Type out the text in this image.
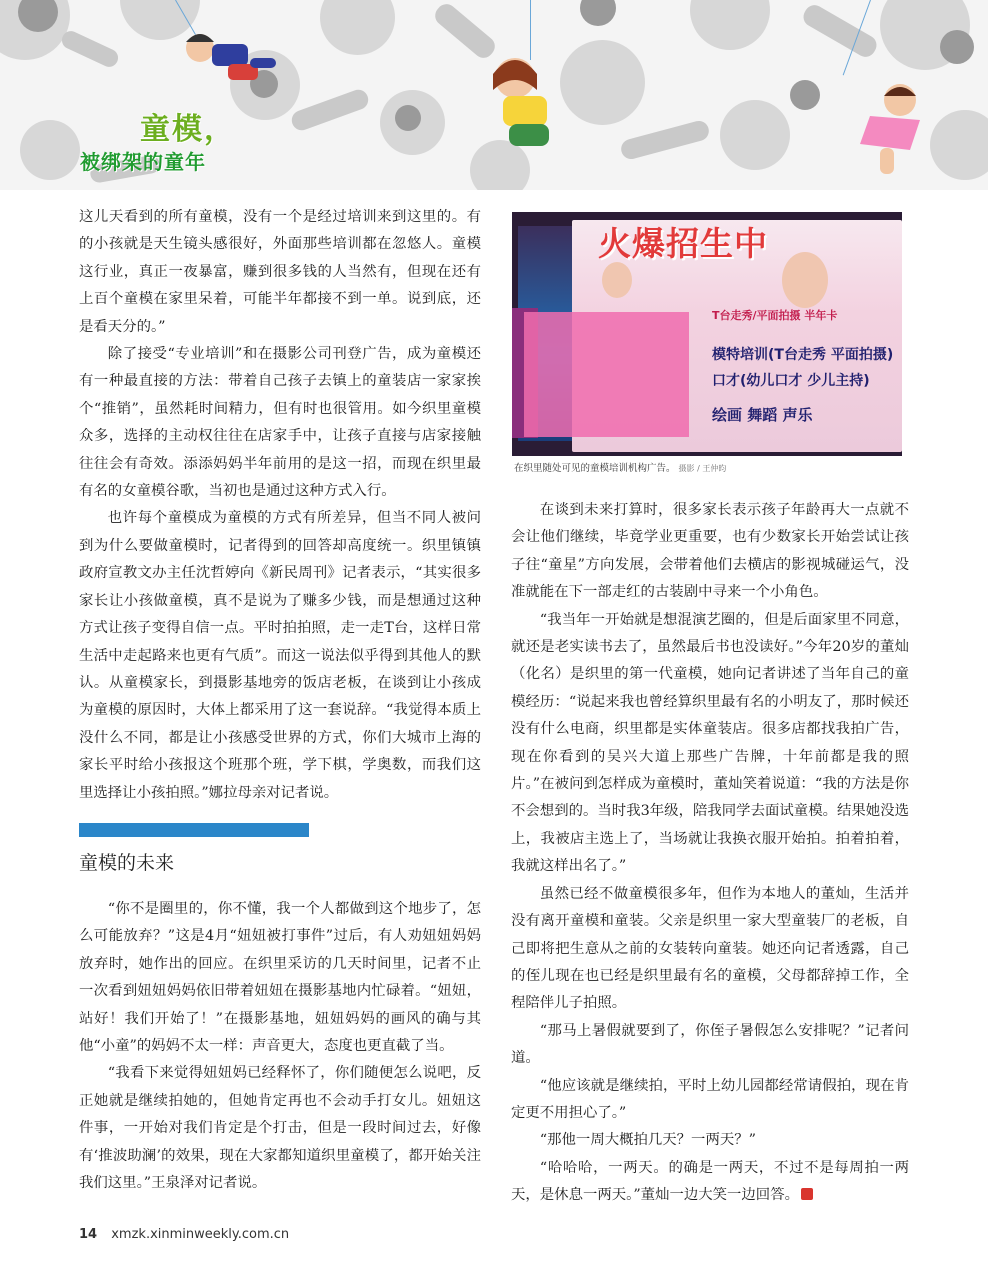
童模，
被绑架的童年

这儿天看到的所有童模，没有一个是经过培训来到这里的。有的小孩就是天生镜头感很好，外面那些培训都在忽悠人。童模这行业，真正一夜暴富，赚到很多钱的人当然有，但现在还有上百个童模在家里呆着，可能半年都接不到一单。说到底，还是看天分的。”

除了接受“专业培训”和在摄影公司刊登广告，成为童模还有一种最直接的方法：带着自己孩子去镇上的童装店一家家挨个“推销”，虽然耗时间精力，但有时也很管用。如今织里童模众多，选择的主动权往往在店家手中，让孩子直接与店家接触往往会有奇效。添添妈妈半年前用的是这一招，而现在织里最有名的女童模谷歌，当初也是通过这种方式入行。

也许每个童模成为童模的方式有所差异，但当不同人被问到为什么要做童模时，记者得到的回答却高度统一。织里镇镇政府宣教文办主任沈哲婷向《新民周刊》记者表示，“其实很多家长让小孩做童模，真不是说为了赚多少钱，而是想通过这种方式让孩子变得自信一点。平时拍拍照，走一走T台，这样日常生活中走起路来也更有气质”。而这一说法似乎得到其他人的默认。从童模家长，到摄影基地旁的饭店老板，在谈到让小孩成为童模的原因时，大体上都采用了这一套说辞。“我觉得本质上没什么不同，都是让小孩感受世界的方式，你们大城市上海的家长平时给小孩报这个班那个班，学下棋，学奥数，而我们这里选择让小孩拍照。”娜拉母亲对记者说。

童模的未来

“你不是圈里的，你不懂，我一个人都做到这个地步了，怎么可能放弃？”这是4月“妞妞被打事件”过后，有人劝妞妞妈妈放弃时，她作出的回应。在织里采访的几天时间里，记者不止一次看到妞妞妈妈依旧带着妞妞在摄影基地内忙碌着。“妞妞，站好！我们开始了！”在摄影基地，妞妞妈妈的画风的确与其他“小童”的妈妈不太一样：声音更大，态度也更直截了当。

“我看下来觉得妞妞妈已经释怀了，你们随便怎么说吧，反正她就是继续拍她的，但她肯定再也不会动手打女儿。妞妞这件事，一开始对我们肯定是个打击，但是一段时间过去，好像有‘推波助澜’的效果，现在大家都知道织里童模了，都开始关注我们这里。”王泉泽对记者说。

火爆招生中
T台走秀/平面拍摄 半年卡
模特培训(T台走秀 平面拍摄)
口才(幼儿口才 少儿主持)
绘画 舞蹈 声乐
在织里随处可见的童模培训机构广告。 摄影 / 王仲昀

在谈到未来打算时，很多家长表示孩子年龄再大一点就不会让他们继续，毕竟学业更重要，也有少数家长开始尝试让孩子往“童星”方向发展，会带着他们去横店的影视城碰运气，没准就能在下一部走红的古装剧中寻来一个小角色。

“我当年一开始就是想混演艺圈的，但是后面家里不同意，就还是老实读书去了，虽然最后书也没读好。”今年20岁的董灿（化名）是织里的第一代童模，她向记者讲述了当年自己的童模经历：“说起来我也曾经算织里最有名的小明友了，那时候还没有什么电商，织里都是实体童装店。很多店都找我拍广告，现在你看到的吴兴大道上那些广告牌，十年前都是我的照片。”在被问到怎样成为童模时，董灿笑着说道：“我的方法是你不会想到的。当时我3年级，陪我同学去面试童模。结果她没选上，我被店主选上了，当场就让我换衣服开始拍。拍着拍着，我就这样出名了。”

虽然已经不做童模很多年，但作为本地人的董灿，生活并没有离开童模和童装。父亲是织里一家大型童装厂的老板，自己即将把生意从之前的女装转向童装。她还向记者透露，自己的侄儿现在也已经是织里最有名的童模，父母都辞掉工作，全程陪伴儿子拍照。

“那马上暑假就要到了，你侄子暑假怎么安排呢？”记者问道。

“他应该就是继续拍，平时上幼儿园都经常请假拍，现在肯定更不用担心了。”

“那他一周大概拍几天？一两天？”

“哈哈哈，一两天。的确是一两天，不过不是每周拍一两天，是休息一两天。”董灿一边大笑一边回答。

14 xmzk.xinminweekly.com.cn
